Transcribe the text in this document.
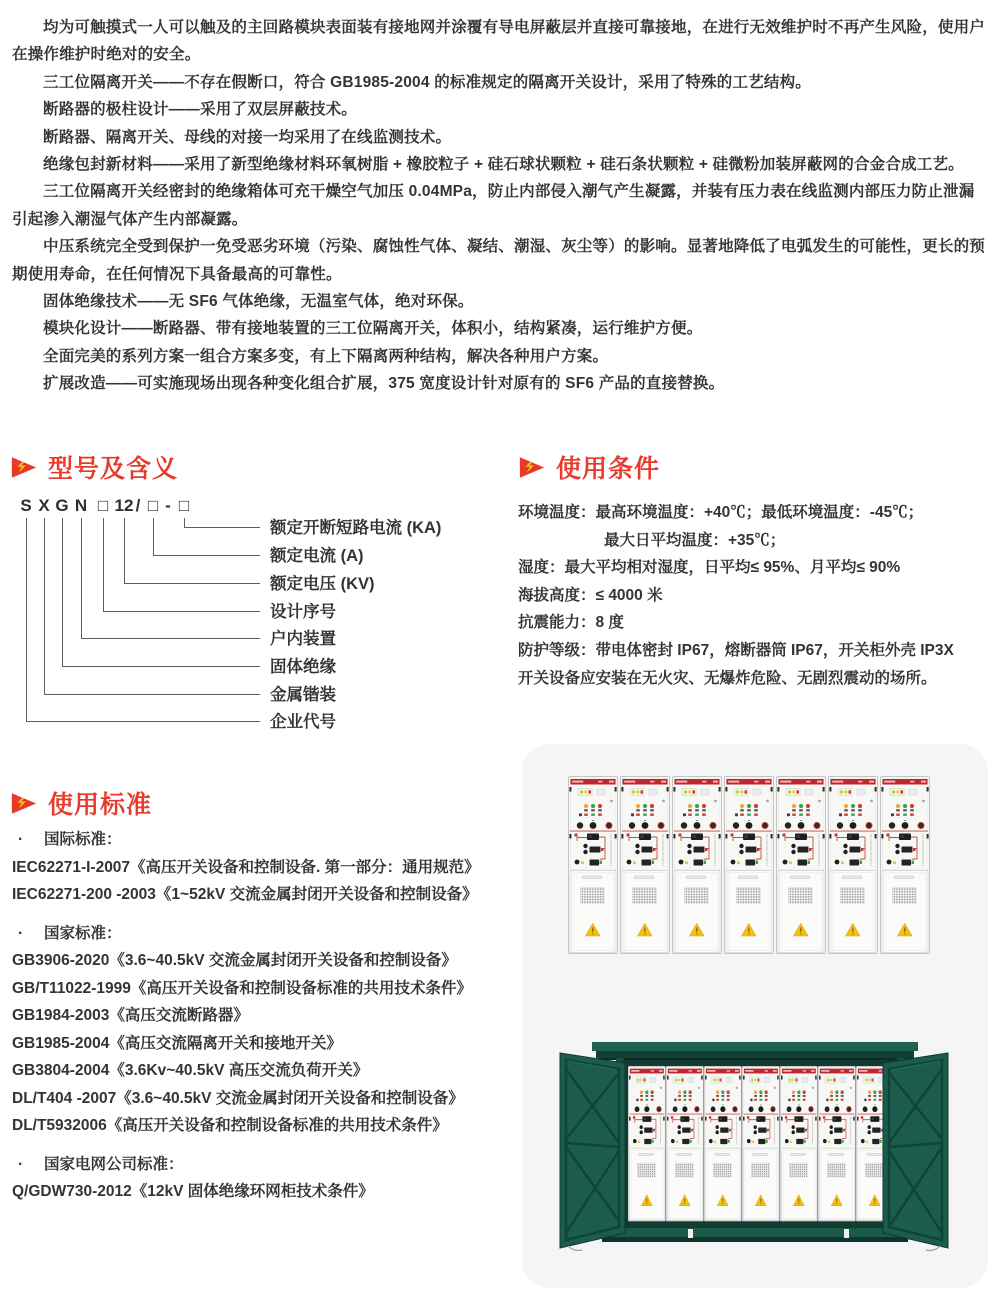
均为可触摸式一人可以触及的主回路模块表面装有接地网并涂覆有导电屏蔽层并直接可靠接地，在进行无效维护时不再产生风险，使用户在操作维护时绝对的安全。

三工位隔离开关——不存在假断口，符合 GB1985-2004 的标准规定的隔离开关设计，采用了特殊的工艺结构。

断路器的极柱设计——采用了双层屏蔽技术。

断路器、隔离开关、母线的对接一均采用了在线监测技术。

绝缘包封新材料——采用了新型绝缘材料环氧树脂 + 橡胶粒子 + 硅石球状颗粒 + 硅石条状颗粒 + 硅微粉加装屏蔽网的合金合成工艺。

三工位隔离开关经密封的绝缘箱体可充干燥空气加压 0.04MPa，防止内部侵入潮气产生凝露，并装有压力表在线监测内部压力防止泄漏引起渗入潮湿气体产生内部凝露。

中压系统完全受到保护一免受恶劣环境（污染、腐蚀性气体、凝结、潮湿、灰尘等）的影响。显著地降低了电弧发生的可能性，更长的预期使用寿命，在任何情况下具备最高的可靠性。

固体绝缘技术——无 SF6 气体绝缘，无温室气体，绝对环保。

模块化设计——断路器、带有接地装置的三工位隔离开关，体积小，结构紧凑，运行维护方便。

全面完美的系列方案一组合方案多变，有上下隔离两种结构，解决各种用户方案。

扩展改造——可实施现场出现各种变化组合扩展，375 宽度设计针对原有的 SF6 产品的直接替换。

型号及含义	使用条件
使用标准
S X G N □ 12 / □ - □
额定开断短路电流 (KA)
额定电流 (A)
额定电压 (KV)
设计序号
户内装置
固体绝缘
金属锴装
企业代号
环境温度：最高环境温度：+40℃；最低环境温度：-45℃；
最大日平均温度：+35℃；
湿度：最大平均相对湿度，日平均≤ 95%、月平均≤ 90%
海拔高度：≤ 4000 米
抗震能力：8 度
防护等级：带电体密封 IP67，熔断器筒 IP67，开关柜外壳 IP3X
开关设备应安装在无火灾、无爆炸危险、无剧烈震动的场所。
· 国际标准：
IEC62271-I-2007《高压开关设备和控制设备. 第一部分：通用规范》
IEC62271-200 -2003《1~52kV 交流金属封闭开关设备和控制设备》
· 国家标准：
GB3906-2020《3.6~40.5kV 交流金属封闭开关设备和控制设备》
GB/T11022-1999《高压开关设备和控制设备标准的共用技术条件》
GB1984-2003《高压交流断路器》
GB1985-2004《高压交流隔离开关和接地开关》
GB3804-2004《3.6Kv~40.5kV 高压交流负荷开关》
DL/T404 -2007《3.6~40.5kV 交流金属封闭开关设备和控制设备》
DL/T5932006《高压开关设备和控制设备标准的共用技术条件》
· 国家电网公司标准：
Q/GDW730-2012《12kV 固体绝缘环网柜技术条件》
